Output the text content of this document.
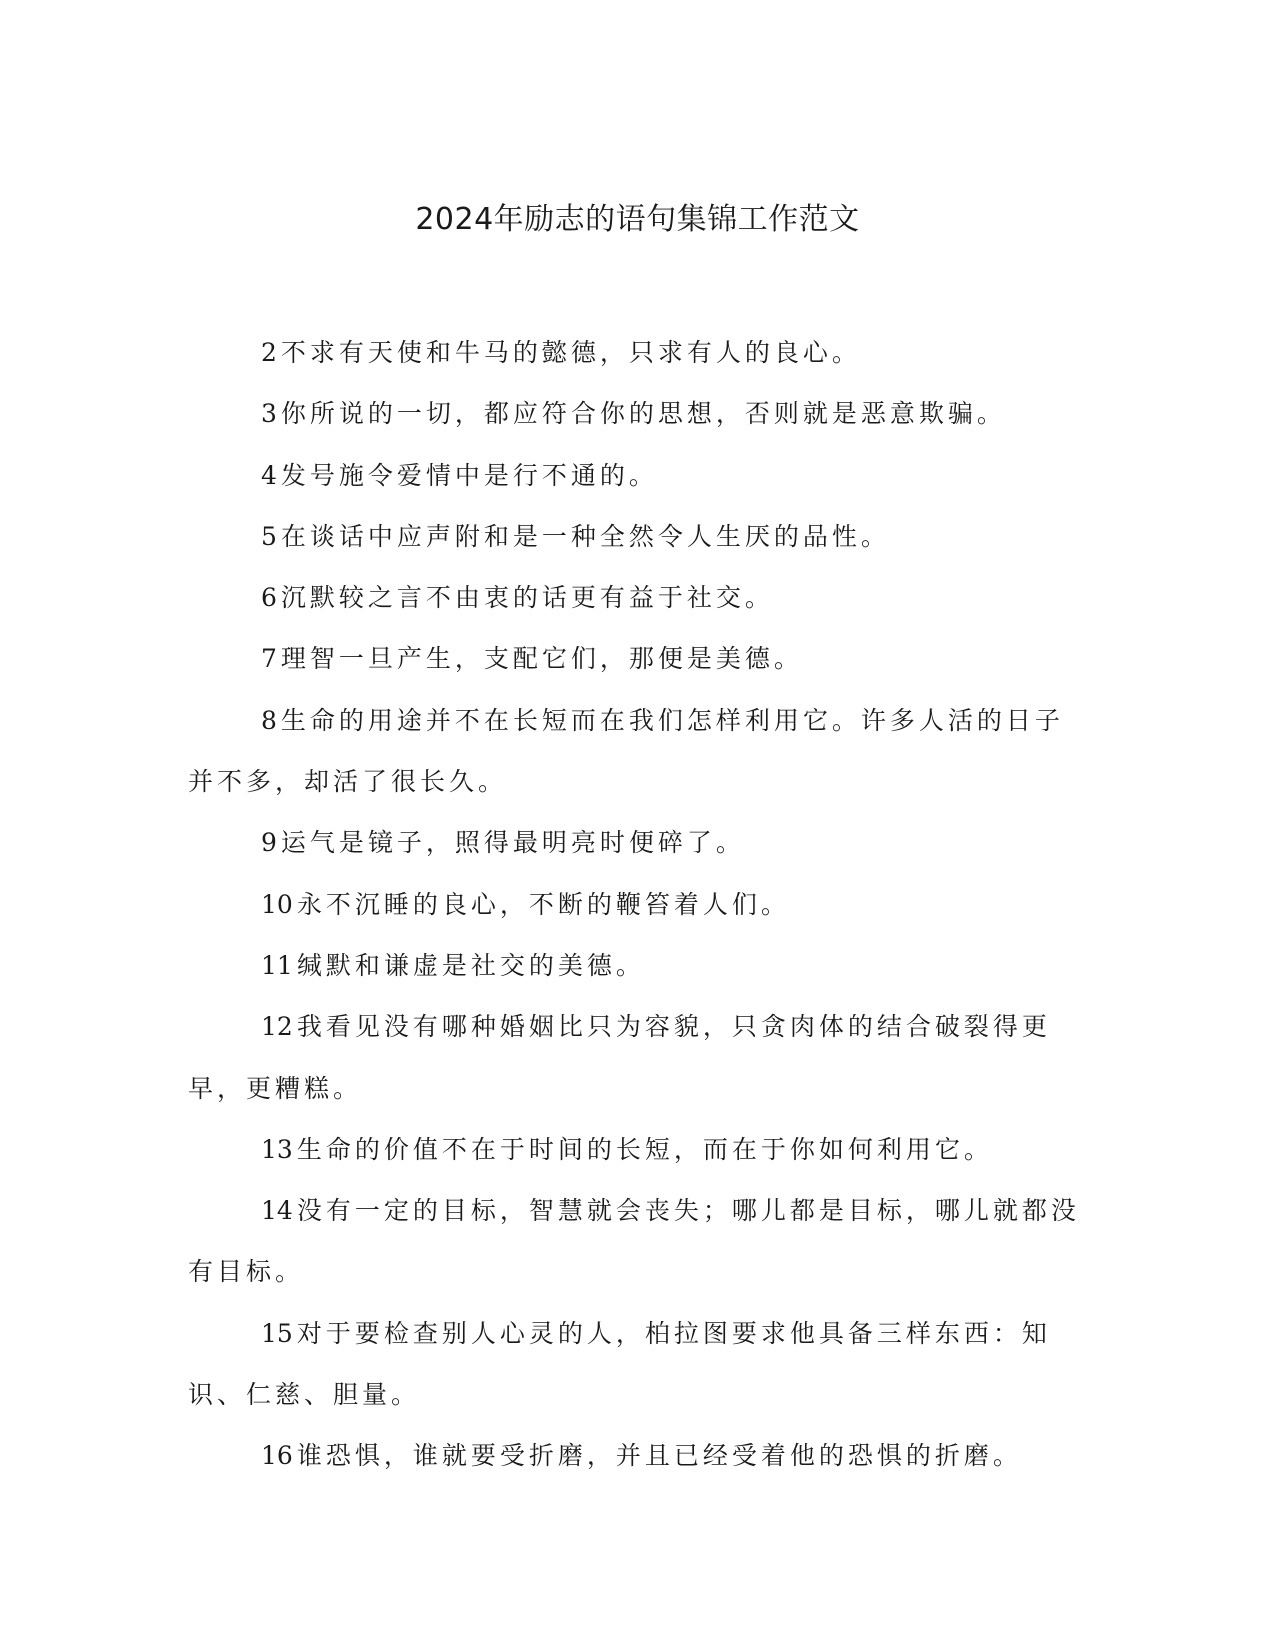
2024年励志的语句集锦工作范文

2 不求有天使和牛马的懿德，只求有人的良心。

3 你所说的一切，都应符合你的思想，否则就是恶意欺骗。

4 发号施令爱情中是行不通的。

5 在谈话中应声附和是一种全然令人生厌的品性。

6 沉默较之言不由衷的话更有益于社交。

7 理智一旦产生，支配它们，那便是美德。

8 生命的用途并不在长短而在我们怎样利用它。许多人活的日子并不多，却活了很长久。

9 运气是镜子，照得最明亮时便碎了。

10 永不沉睡的良心，不断的鞭笞着人们。

11 缄默和谦虚是社交的美德。

12 我看见没有哪种婚姻比只为容貌，只贪肉体的结合破裂得更早，更糟糕。

13 生命的价值不在于时间的长短，而在于你如何利用它。

14 没有一定的目标，智慧就会丧失；哪儿都是目标，哪儿就都没有目标。

15 对于要检查别人心灵的人，柏拉图要求他具备三样东西：知识、仁慈、胆量。

16 谁恐惧，谁就要受折磨，并且已经受着他的恐惧的折磨。
